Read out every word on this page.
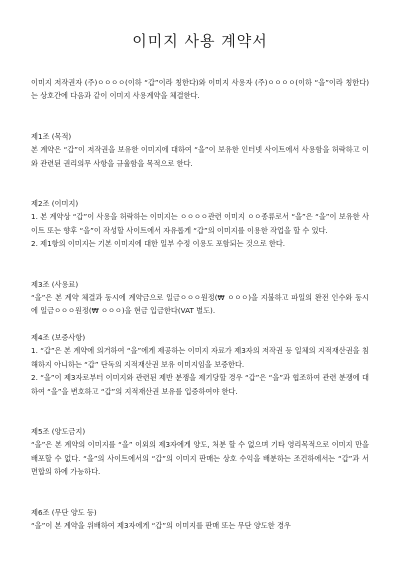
이미지 사용 계약서

이미지 저작권자 (주)ㅇㅇㅇㅇ(이하 “갑”이라 칭한다)와 이미지 사용자 (주)ㅇㅇㅇㅇ(이하 “을”이라 칭한다)는 상호간에 다음과 같이 이미지 사용계약을 체결한다.

제1조 (목적)

본 계약은 “갑”이 저작권을 보유한 이미지에 대하여 “을”이 보유한 인터넷 사이트에서 사용함을 허락하고 이와 관련된 권리의무 사항을 규율함을 목적으로 한다.

제2조 (이미지)

1. 본 계약상 “갑”이 사용을 허락하는 이미지는 ㅇㅇㅇㅇ관련 이미지 ㅇㅇ종류로서 “을”은 “을”이 보유한 사이트 또는 향후 “을”이 작성할 사이트에서 자유롭게 “갑”의 이미지를 이용한 작업을 할 수 있다.

2. 제1항의 이미지는 기본 이미지에 대한 일부 수정 이용도 포함되는 것으로 한다.

제3조 (사용료)

“을”은 본 계약 체결과 동시에 계약금으로 일금ㅇㅇㅇ원정(₩ ㅇㅇㅇ)을 지불하고 파일의 완전 인수와 동시에 일금ㅇㅇㅇ원정(₩ ㅇㅇㅇ)을 현금 입금한다(VAT 별도).

제4조 (보증사항)

1. “갑”은 본 계약에 의거하여 “을”에게 제공하는 이미지 자료가 제3자의 저작권 등 일체의 지적재산권을 침해하지 아니하는 “갑” 단독의 지적재산권 보유 이미지임을 보증한다.

2. “을”이 제3자로부터 이미지와 관련된 제반 분쟁을 제기당할 경우 “갑”은 “을”과 협조하여 관련 분쟁에 대하여 “을”을 변호하고 “갑”의 지적재산권 보유를 입증하여야 한다.

제5조 (양도금지)

“을”은 본 계약의 이미지를 “을” 이외의 제3자에게 양도, 처분 할 수 없으며 기타 영리목적으로 이미지 만을 배포할 수 없다. “을”의 사이트에서의 “갑”의 이미지 판매는 상호 수익을 배분하는 조건하에서는 “갑”과 서면합의 하에 가능하다.

제6조 (무단 양도 등)

“을”이 본 계약을 위배하여 제3자에게 “갑”의 이미지를 판매 또는 무단 양도한 경우
